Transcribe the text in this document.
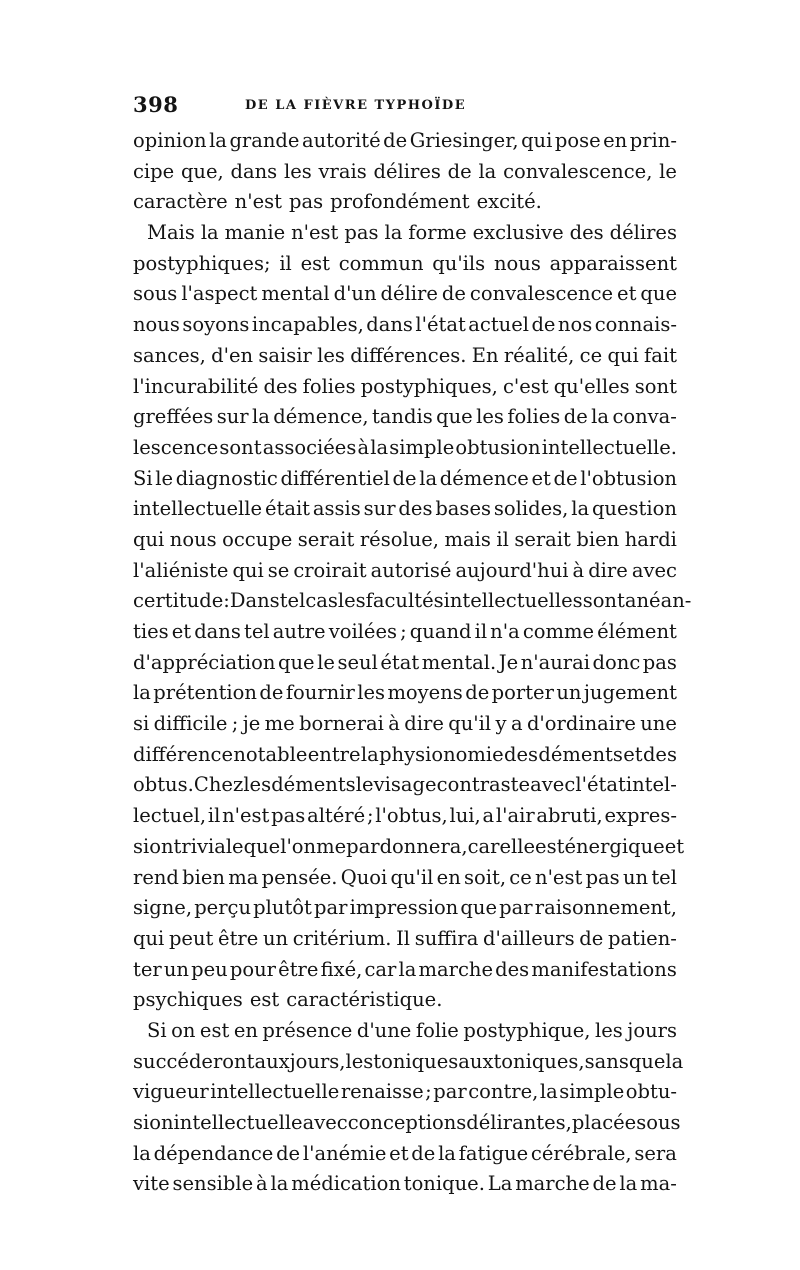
398	DE LA FIÈVRE TYPHOÏDE
opinion la grande autorité de Griesinger, qui pose en prin-
cipe que, dans les vrais délires de la convalescence, le
caractère n'est pas profondément excité.
Mais la manie n'est pas la forme exclusive des délires
postyphiques; il est commun qu'ils nous apparaissent
sous l'aspect mental d'un délire de convalescence et que
nous soyons incapables, dans l'état actuel de nos connais-
sances, d'en saisir les différences. En réalité, ce qui fait
l'incurabilité des folies postyphiques, c'est qu'elles sont
greffées sur la démence, tandis que les folies de la conva-
lescence sont associées à la simple obtusion intellectuelle.
Si le diagnostic différentiel de la démence et de l'obtusion
intellectuelle était assis sur des bases solides, la question
qui nous occupe serait résolue, mais il serait bien hardi
l'aliéniste qui se croirait autorisé aujourd'hui à dire avec
certitude : Dans tel cas les facultés intellectuelles sont anéan-
ties et dans tel autre voilées ; quand il n'a comme élément
d'appréciation que le seul état mental. Je n'aurai donc pas
la prétention de fournir les moyens de porter un jugement
si difficile ; je me bornerai à dire qu'il y a d'ordinaire une
différence notable entre la physionomie des déments et des
obtus. Chez les déments le visage contraste avec l'état intel-
lectuel, il n'est pas altéré ; l'obtus, lui, a l'air abruti, expres-
sion triviale que l'on me pardonnera, car elle est énergique et
rend bien ma pensée. Quoi qu'il en soit, ce n'est pas un tel
signe, perçu plutôt par impression que par raisonnement,
qui peut être un critérium. Il suffira d'ailleurs de patien-
ter un peu pour être fixé, car la marche des manifestations
psychiques est caractéristique.
Si on est en présence d'une folie postyphique, les jours
succéderont aux jours, les toniques aux toniques, sans que la
vigueur intellectuelle renaisse ; par contre, la simple obtu-
sion intellectuelle avec conceptions délirantes, placée sous
la dépendance de l'anémie et de la fatigue cérébrale, sera
vite sensible à la médication tonique. La marche de la ma-
